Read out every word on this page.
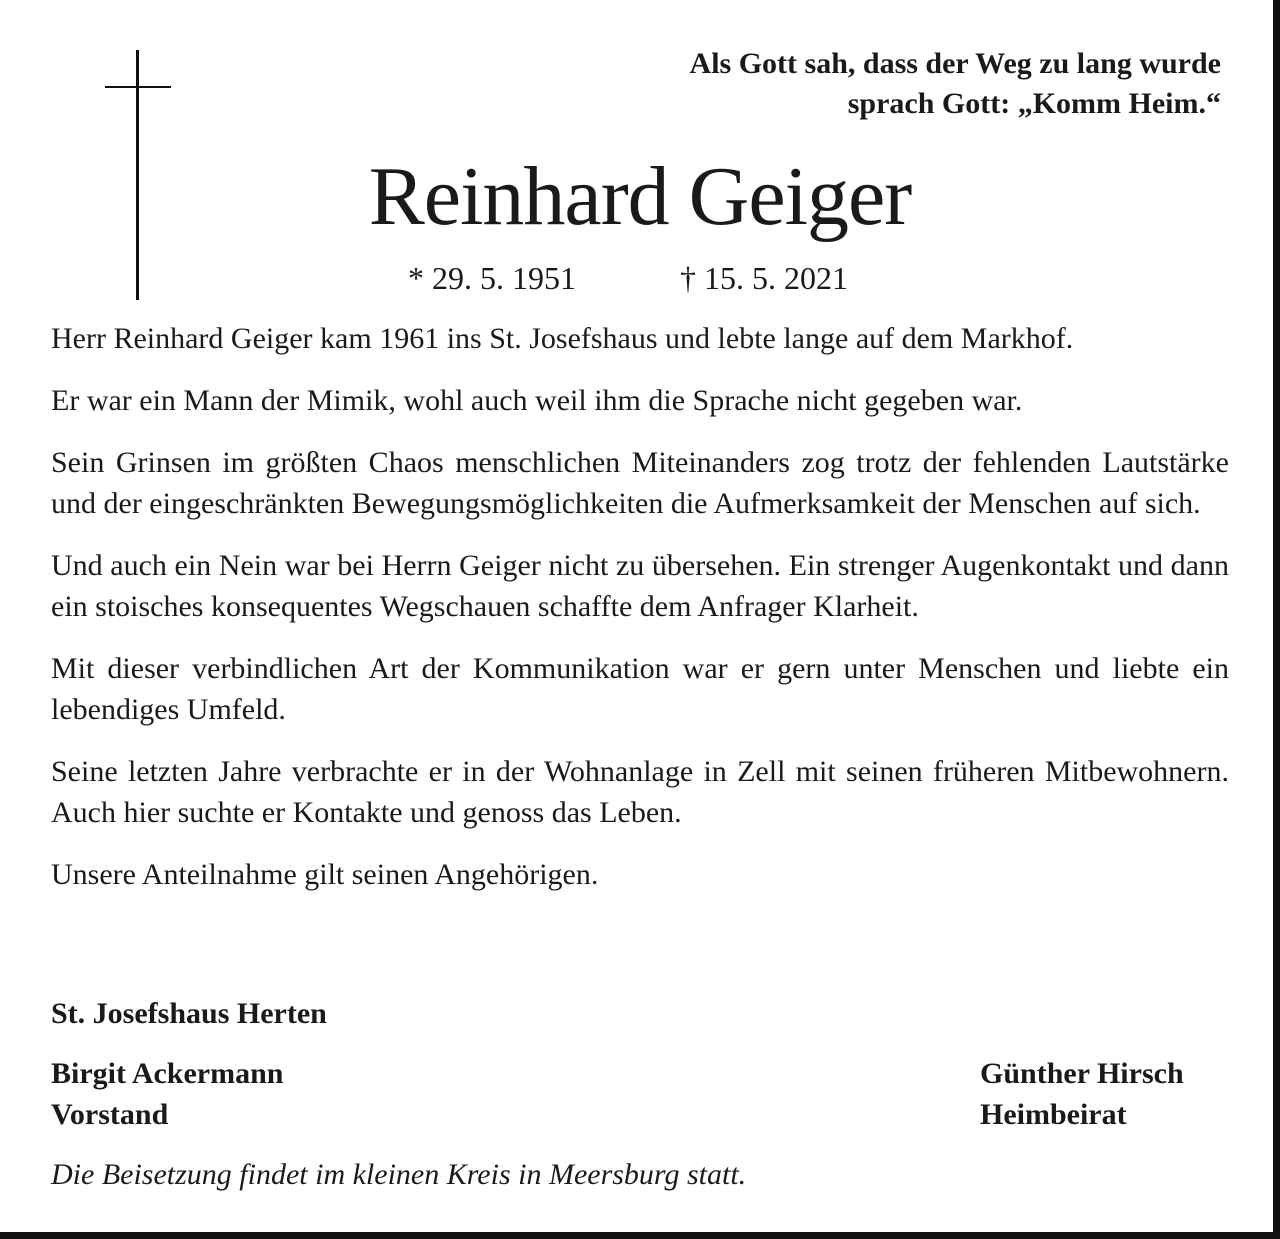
Als Gott sah, dass der Weg zu lang wurde
sprach Gott: „Komm Heim.“
Reinhard Geiger
* 29. 5. 1951	† 15. 5. 2021

Herr Reinhard Geiger kam 1961 ins St. Josefshaus und lebte lange auf dem Markhof.

Er war ein Mann der Mimik, wohl auch weil ihm die Sprache nicht gegeben war.

Sein Grinsen im größten Chaos menschlichen Miteinanders zog trotz der fehlenden Lautstärke und der eingeschränkten Bewegungsmöglichkeiten die Aufmerksamkeit der Menschen auf sich.

Und auch ein Nein war bei Herrn Geiger nicht zu übersehen. Ein strenger Augenkontakt und dann ein stoisches konsequentes Wegschauen schaffte dem Anfrager Klarheit.

Mit dieser verbindlichen Art der Kommunikation war er gern unter Menschen und liebte ein lebendiges Umfeld.

Seine letzten Jahre verbrachte er in der Wohnanlage in Zell mit seinen früheren Mitbewohnern. Auch hier suchte er Kontakte und genoss das Leben.

Unsere Anteilnahme gilt seinen Angehörigen.

St. Josefshaus Herten
Birgit Ackermann
Vorstand
Günther Hirsch
Heimbeirat
Die Beisetzung findet im kleinen Kreis in Meersburg statt.
